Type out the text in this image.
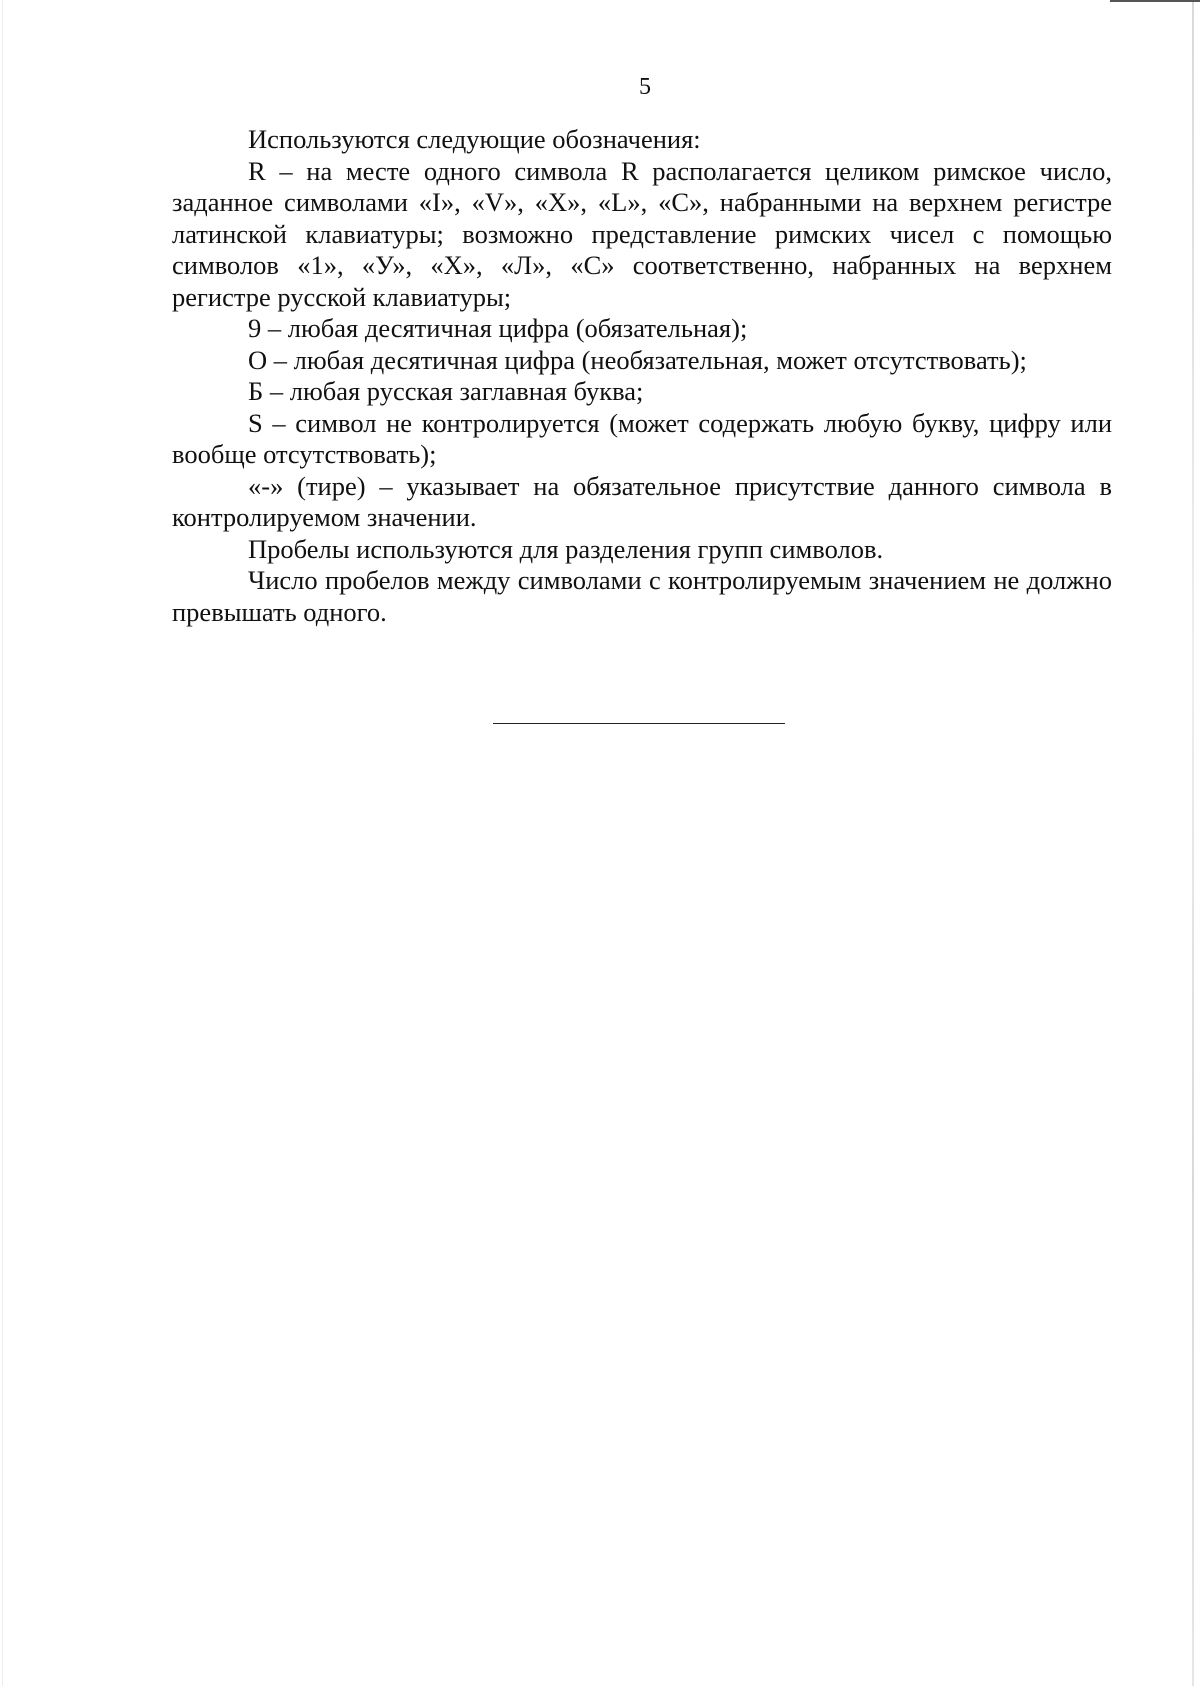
5

Используются следующие обозначения:

R – на месте одного символа R располагается целиком римское число, заданное символами «I», «V», «X», «L», «C», набранными на верхнем регистре латинской клавиатуры; возможно представление римских чисел с помощью символов «1», «У», «Х», «Л», «С» соответственно, набранных на верхнем регистре русской клавиатуры;

9 – любая десятичная цифра (обязательная);

О – любая десятичная цифра (необязательная, может отсутствовать);

Б – любая русская заглавная буква;

S – символ не контролируется (может содержать любую букву, цифру или вообще отсутствовать);

«-» (тире) – указывает на обязательное присутствие данного символа в контролируемом значении.

Пробелы используются для разделения групп символов.

Число пробелов между символами с контролируемым значением не должно превышать одного.
